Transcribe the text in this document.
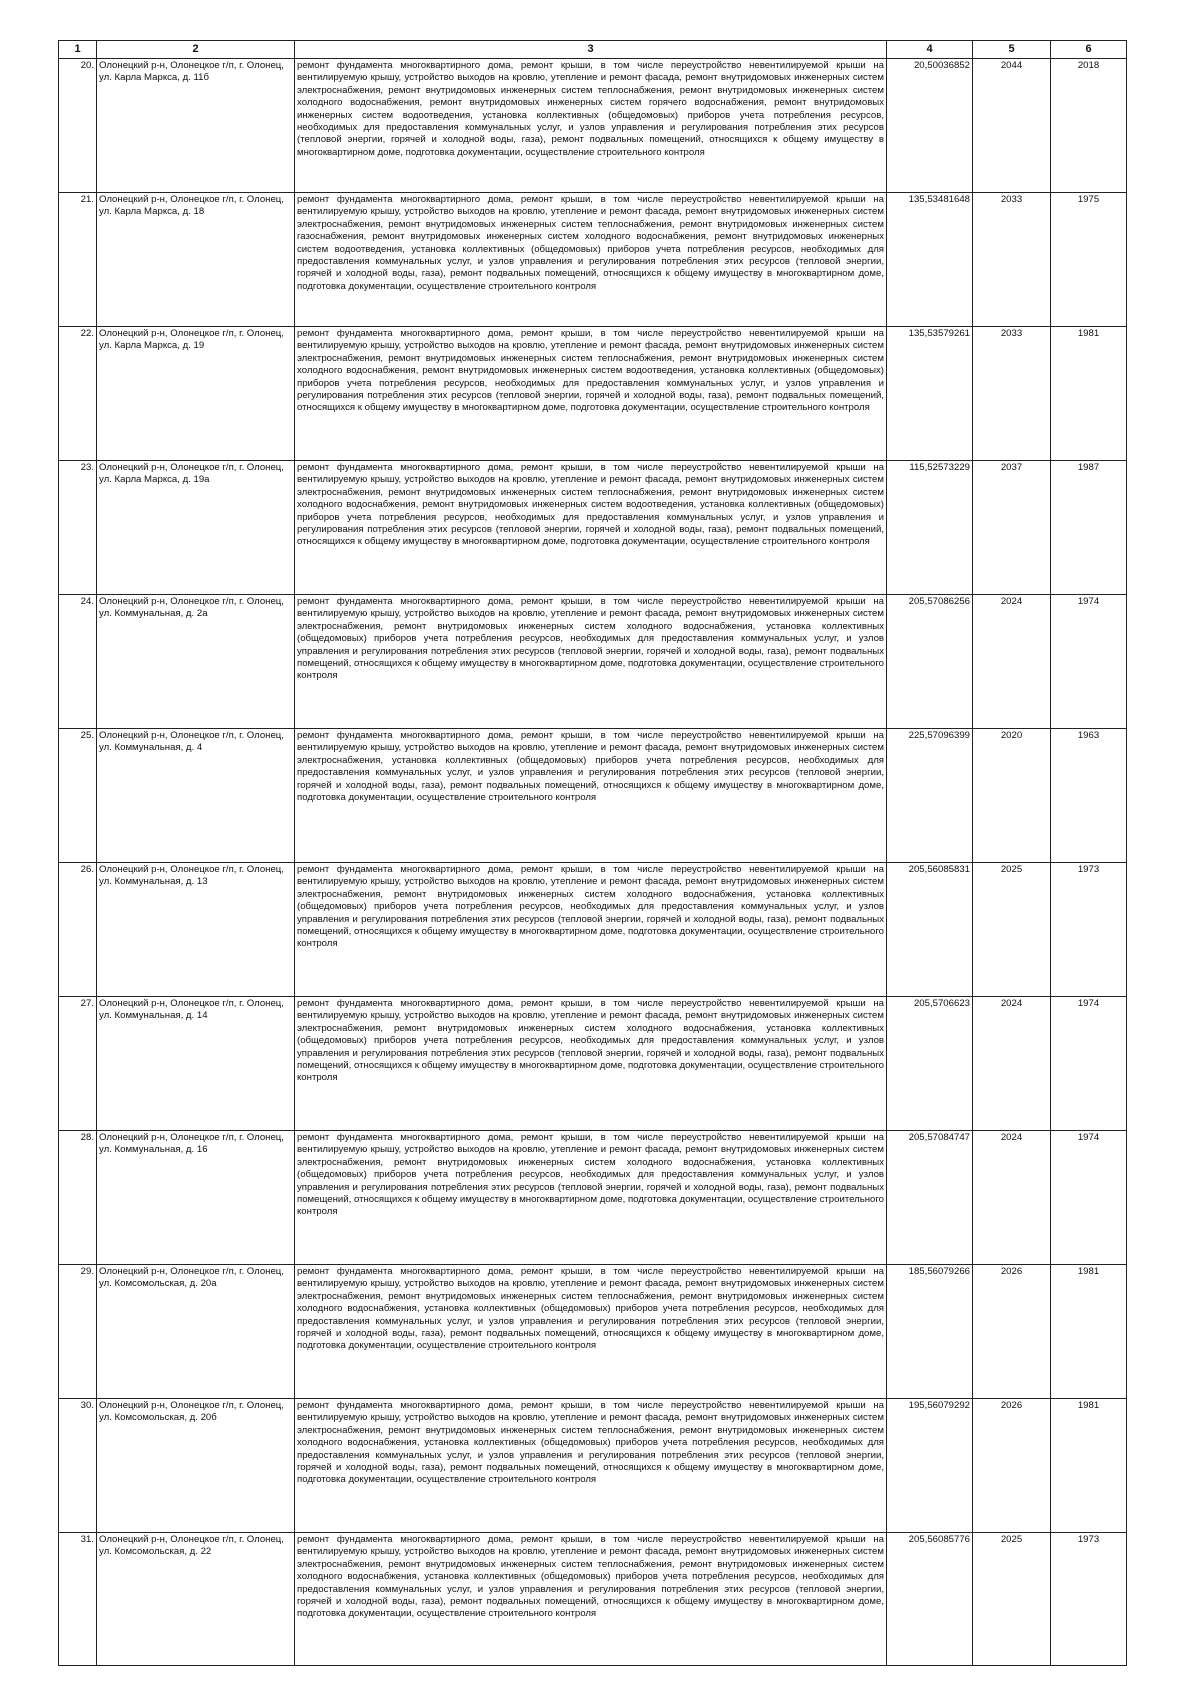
1	2	3	4	5	6
20.	Олонецкий р-н, Олонецкое г/п, г. Олонец, ул. Карла Маркса, д. 11б	ремонт фундамента многоквартирного дома, ремонт крыши, в том числе переустройство невентилируемой крыши на вентилируемую крышу, устройство выходов на кровлю, утепление и ремонт фасада, ремонт внутридомовых инженерных систем электроснабжения, ремонт внутридомовых инженерных систем теплоснабжения, ремонт внутридомовых инженерных систем холодного водоснабжения, ремонт внутридомовых инженерных систем горячего водоснабжения, ремонт внутридомовых инженерных систем водоотведения, установка коллективных (общедомовых) приборов учета потребления ресурсов, необходимых для предоставления коммунальных услуг, и узлов управления и регулирования потребления этих ресурсов (тепловой энергии, горячей и холодной воды, газа), ремонт подвальных помещений, относящихся к общему имуществу в многоквартирном доме, подготовка документации, осуществление строительного контроля	20,50036852	2044	2018
21.	Олонецкий р-н, Олонецкое г/п, г. Олонец, ул. Карла Маркса, д. 18	ремонт фундамента многоквартирного дома, ремонт крыши, в том числе переустройство невентилируемой крыши на вентилируемую крышу, устройство выходов на кровлю, утепление и ремонт фасада, ремонт внутридомовых инженерных систем электроснабжения, ремонт внутридомовых инженерных систем теплоснабжения, ремонт внутридомовых инженерных систем газоснабжения, ремонт внутридомовых инженерных систем холодного водоснабжения, ремонт внутридомовых инженерных систем водоотведения, установка коллективных (общедомовых) приборов учета потребления ресурсов, необходимых для предоставления коммунальных услуг, и узлов управления и регулирования потребления этих ресурсов (тепловой энергии, горячей и холодной воды, газа), ремонт подвальных помещений, относящихся к общему имуществу в многоквартирном доме, подготовка документации, осуществление строительного контроля	135,53481648	2033	1975
22.	Олонецкий р-н, Олонецкое г/п, г. Олонец, ул. Карла Маркса, д. 19	ремонт фундамента многоквартирного дома, ремонт крыши, в том числе переустройство невентилируемой крыши на вентилируемую крышу, устройство выходов на кровлю, утепление и ремонт фасада, ремонт внутридомовых инженерных систем электроснабжения, ремонт внутридомовых инженерных систем теплоснабжения, ремонт внутридомовых инженерных систем холодного водоснабжения, ремонт внутридомовых инженерных систем водоотведения, установка коллективных (общедомовых) приборов учета потребления ресурсов, необходимых для предоставления коммунальных услуг, и узлов управления и регулирования потребления этих ресурсов (тепловой энергии, горячей и холодной воды, газа), ремонт подвальных помещений, относящихся к общему имуществу в многоквартирном доме, подготовка документации, осуществление строительного контроля	135,53579261	2033	1981
23.	Олонецкий р-н, Олонецкое г/п, г. Олонец, ул. Карла Маркса, д. 19а	ремонт фундамента многоквартирного дома, ремонт крыши, в том числе переустройство невентилируемой крыши на вентилируемую крышу, устройство выходов на кровлю, утепление и ремонт фасада, ремонт внутридомовых инженерных систем электроснабжения, ремонт внутридомовых инженерных систем теплоснабжения, ремонт внутридомовых инженерных систем холодного водоснабжения, ремонт внутридомовых инженерных систем водоотведения, установка коллективных (общедомовых) приборов учета потребления ресурсов, необходимых для предоставления коммунальных услуг, и узлов управления и регулирования потребления этих ресурсов (тепловой энергии, горячей и холодной воды, газа), ремонт подвальных помещений, относящихся к общему имуществу в многоквартирном доме, подготовка документации, осуществление строительного контроля	115,52573229	2037	1987
24.	Олонецкий р-н, Олонецкое г/п, г. Олонец, ул. Коммунальная, д. 2а	ремонт фундамента многоквартирного дома, ремонт крыши, в том числе переустройство невентилируемой крыши на вентилируемую крышу, устройство выходов на кровлю, утепление и ремонт фасада, ремонт внутридомовых инженерных систем электроснабжения, ремонт внутридомовых инженерных систем холодного водоснабжения, установка коллективных (общедомовых) приборов учета потребления ресурсов, необходимых для предоставления коммунальных услуг, и узлов управления и регулирования потребления этих ресурсов (тепловой энергии, горячей и холодной воды, газа), ремонт подвальных помещений, относящихся к общему имуществу в многоквартирном доме, подготовка документации, осуществление строительного контроля	205,57086256	2024	1974
25.	Олонецкий р-н, Олонецкое г/п, г. Олонец, ул. Коммунальная, д. 4	ремонт фундамента многоквартирного дома, ремонт крыши, в том числе переустройство невентилируемой крыши на вентилируемую крышу, устройство выходов на кровлю, утепление и ремонт фасада, ремонт внутридомовых инженерных систем электроснабжения, установка коллективных (общедомовых) приборов учета потребления ресурсов, необходимых для предоставления коммунальных услуг, и узлов управления и регулирования потребления этих ресурсов (тепловой энергии, горячей и холодной воды, газа), ремонт подвальных помещений, относящихся к общему имуществу в многоквартирном доме, подготовка документации, осуществление строительного контроля	225,57096399	2020	1963
26.	Олонецкий р-н, Олонецкое г/п, г. Олонец, ул. Коммунальная, д. 13	ремонт фундамента многоквартирного дома, ремонт крыши, в том числе переустройство невентилируемой крыши на вентилируемую крышу, устройство выходов на кровлю, утепление и ремонт фасада, ремонт внутридомовых инженерных систем электроснабжения, ремонт внутридомовых инженерных систем холодного водоснабжения, установка коллективных (общедомовых) приборов учета потребления ресурсов, необходимых для предоставления коммунальных услуг, и узлов управления и регулирования потребления этих ресурсов (тепловой энергии, горячей и холодной воды, газа), ремонт подвальных помещений, относящихся к общему имуществу в многоквартирном доме, подготовка документации, осуществление строительного контроля	205,56085831	2025	1973
27.	Олонецкий р-н, Олонецкое г/п, г. Олонец, ул. Коммунальная, д. 14	ремонт фундамента многоквартирного дома, ремонт крыши, в том числе переустройство невентилируемой крыши на вентилируемую крышу, устройство выходов на кровлю, утепление и ремонт фасада, ремонт внутридомовых инженерных систем электроснабжения, ремонт внутридомовых инженерных систем холодного водоснабжения, установка коллективных (общедомовых) приборов учета потребления ресурсов, необходимых для предоставления коммунальных услуг, и узлов управления и регулирования потребления этих ресурсов (тепловой энергии, горячей и холодной воды, газа), ремонт подвальных помещений, относящихся к общему имуществу в многоквартирном доме, подготовка документации, осуществление строительного контроля	205,5706623	2024	1974
28.	Олонецкий р-н, Олонецкое г/п, г. Олонец, ул. Коммунальная, д. 16	ремонт фундамента многоквартирного дома, ремонт крыши, в том числе переустройство невентилируемой крыши на вентилируемую крышу, устройство выходов на кровлю, утепление и ремонт фасада, ремонт внутридомовых инженерных систем электроснабжения, ремонт внутридомовых инженерных систем холодного водоснабжения, установка коллективных (общедомовых) приборов учета потребления ресурсов, необходимых для предоставления коммунальных услуг, и узлов управления и регулирования потребления этих ресурсов (тепловой энергии, горячей и холодной воды, газа), ремонт подвальных помещений, относящихся к общему имуществу в многоквартирном доме, подготовка документации, осуществление строительного контроля	205,57084747	2024	1974
29.	Олонецкий р-н, Олонецкое г/п, г. Олонец, ул. Комсомольская, д. 20а	ремонт фундамента многоквартирного дома, ремонт крыши, в том числе переустройство невентилируемой крыши на вентилируемую крышу, устройство выходов на кровлю, утепление и ремонт фасада, ремонт внутридомовых инженерных систем электроснабжения, ремонт внутридомовых инженерных систем теплоснабжения, ремонт внутридомовых инженерных систем холодного водоснабжения, установка коллективных (общедомовых) приборов учета потребления ресурсов, необходимых для предоставления коммунальных услуг, и узлов управления и регулирования потребления этих ресурсов (тепловой энергии, горячей и холодной воды, газа), ремонт подвальных помещений, относящихся к общему имуществу в многоквартирном доме, подготовка документации, осуществление строительного контроля	185,56079266	2026	1981
30.	Олонецкий р-н, Олонецкое г/п, г. Олонец, ул. Комсомольская, д. 20б	ремонт фундамента многоквартирного дома, ремонт крыши, в том числе переустройство невентилируемой крыши на вентилируемую крышу, устройство выходов на кровлю, утепление и ремонт фасада, ремонт внутридомовых инженерных систем электроснабжения, ремонт внутридомовых инженерных систем теплоснабжения, ремонт внутридомовых инженерных систем холодного водоснабжения, установка коллективных (общедомовых) приборов учета потребления ресурсов, необходимых для предоставления коммунальных услуг, и узлов управления и регулирования потребления этих ресурсов (тепловой энергии, горячей и холодной воды, газа), ремонт подвальных помещений, относящихся к общему имуществу в многоквартирном доме, подготовка документации, осуществление строительного контроля	195,56079292	2026	1981
31.	Олонецкий р-н, Олонецкое г/п, г. Олонец, ул. Комсомольская, д. 22	ремонт фундамента многоквартирного дома, ремонт крыши, в том числе переустройство невентилируемой крыши на вентилируемую крышу, устройство выходов на кровлю, утепление и ремонт фасада, ремонт внутридомовых инженерных систем электроснабжения, ремонт внутридомовых инженерных систем теплоснабжения, ремонт внутридомовых инженерных систем холодного водоснабжения, установка коллективных (общедомовых) приборов учета потребления ресурсов, необходимых для предоставления коммунальных услуг, и узлов управления и регулирования потребления этих ресурсов (тепловой энергии, горячей и холодной воды, газа), ремонт подвальных помещений, относящихся к общему имуществу в многоквартирном доме, подготовка документации, осуществление строительного контроля	205,56085776	2025	1973
